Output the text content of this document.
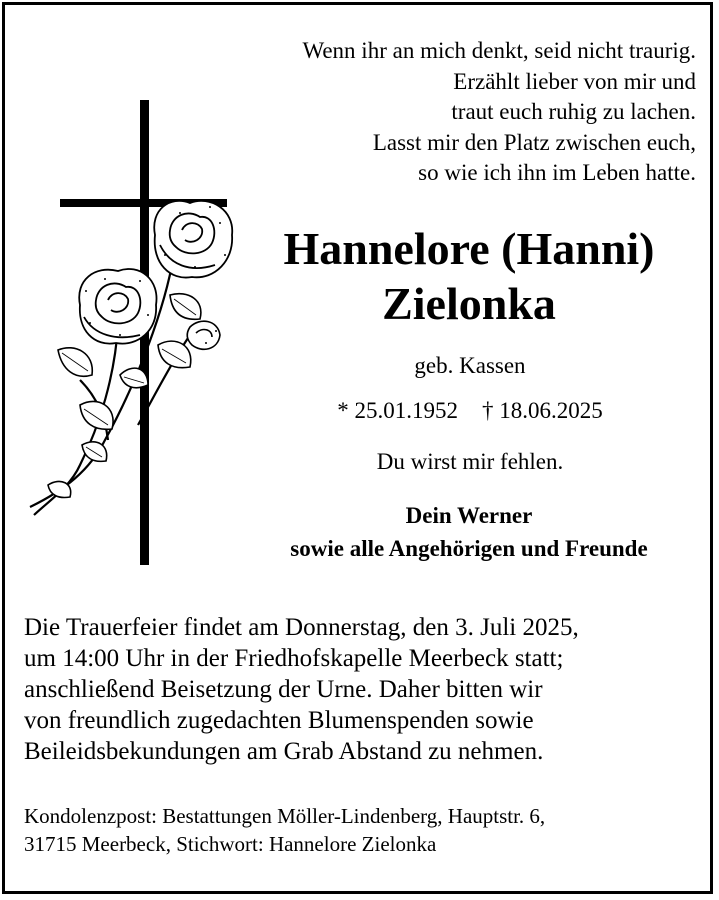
Wenn ihr an mich denkt, seid nicht traurig.
Erzählt lieber von mir und
traut euch ruhig zu lachen.
Lasst mir den Platz zwischen euch,
so wie ich ihn im Leben hatte.
Hannelore (Hanni)
Zielonka
geb. Kassen
* 25.01.1952 † 18.06.2025
Du wirst mir fehlen.
Dein Werner
sowie alle Angehörigen und Freunde
Die Trauerfeier findet am Donnerstag, den 3. Juli 2025,
um 14:00 Uhr in der Friedhofskapelle Meerbeck statt;
anschließend Beisetzung der Urne. Daher bitten wir
von freundlich zugedachten Blumenspenden sowie
Beileidsbekundungen am Grab Abstand zu nehmen.
Kondolenzpost: Bestattungen Möller-Lindenberg, Hauptstr. 6,
31715 Meerbeck, Stichwort: Hannelore Zielonka
